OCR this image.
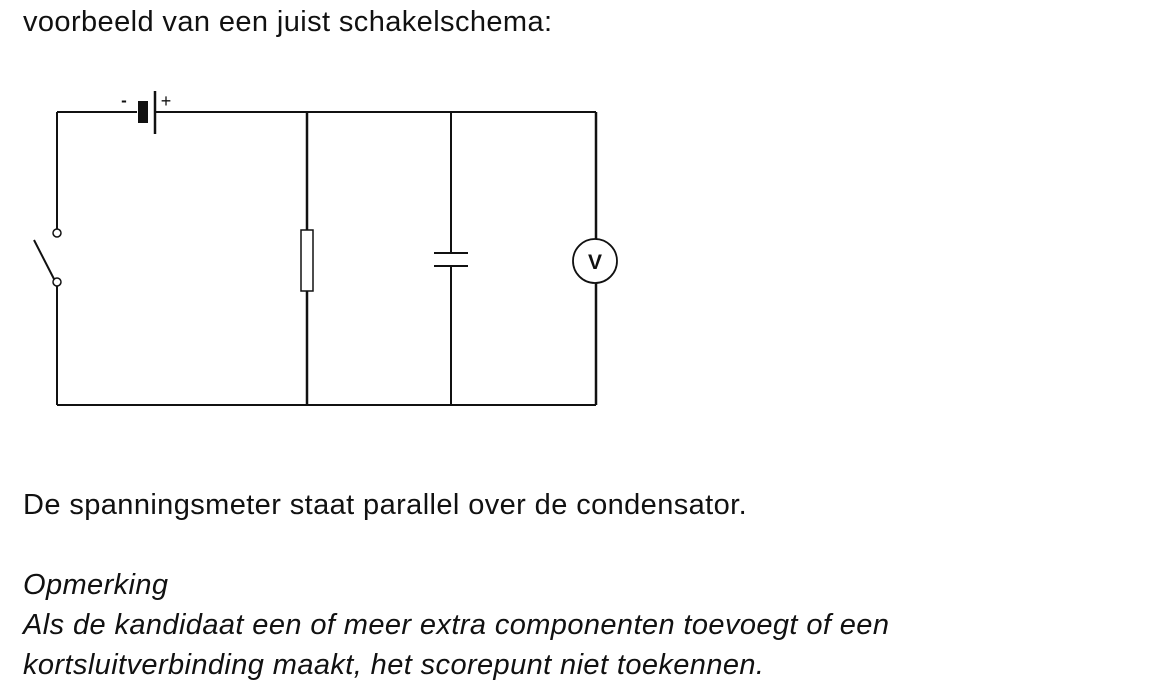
voorbeeld van een juist schakelschema:
- +
V
De spanningsmeter staat parallel over de condensator.
Opmerking
Als de kandidaat een of meer extra componenten toevoegt of een
kortsluitverbinding maakt, het scorepunt niet toekennen.
